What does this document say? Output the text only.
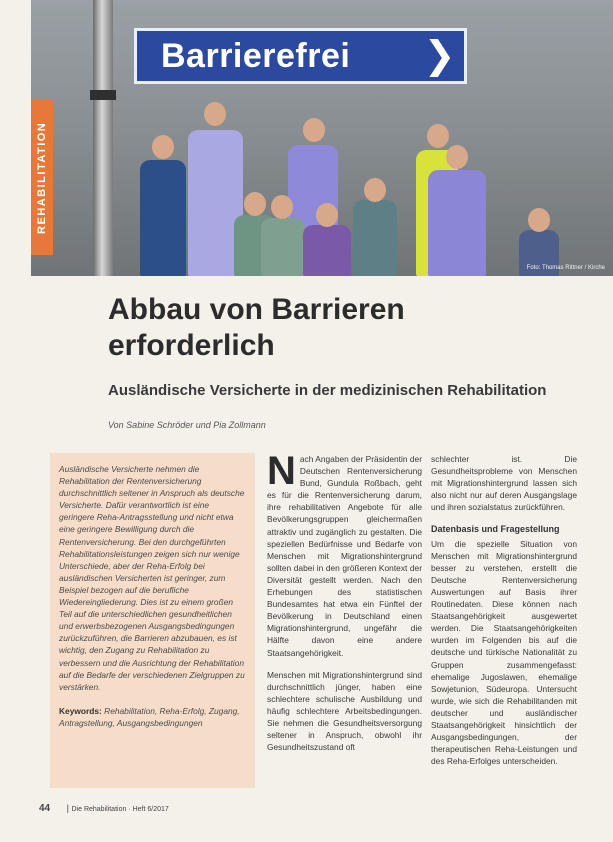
Barrierefrei ❯
Foto: Thomas Rittner / Kirche
REHABILITATION
Abbau von Barrieren erforderlich
Ausländische Versicherte in der medizinischen Rehabilitation
Von Sabine Schröder und Pia Zollmann

Ausländische Versicherte nehmen die Rehabilitation der Rentenversicherung durchschnittlich seltener in Anspruch als deutsche Versicherte. Dafür verantwortlich ist eine geringere Reha-Antragsstellung und nicht etwa eine geringere Bewilligung durch die Rentenversicherung. Bei den durchgeführten Rehabilitationsleistungen zeigen sich nur wenige Unterschiede, aber der Reha-Erfolg bei ausländischen Versicherten ist geringer, zum Beispiel bezogen auf die berufliche Wiedereingliederung. Dies ist zu einem großen Teil auf die unterschiedlichen gesundheitlichen und erwerbsbezogenen Ausgangsbedingungen zurückzuführen, die Barrieren abzubauen, es ist wichtig, den Zugang zu Rehabilitation zu verbessern und die Ausrichtung der Rehabilitation auf die Bedarfe der verschiedenen Zielgruppen zu verstärken.

Keywords: Rehabilitation, Reha-Erfolg, Zugang, Antragstellung, Ausgangsbedingungen

Nach Angaben der Präsidentin der Deutschen Rentenversicherung Bund, Gundula Roßbach, geht es für die Rentenversicherung darum, ihre rehabilitativen Angebote für alle Bevölkerungsgruppen gleichermaßen attraktiv und zugänglich zu gestalten. Die speziellen Bedürfnisse und Bedarfe von Menschen mit Migrationshintergrund sollten dabei in den größeren Kontext der Diversität gestellt werden. Nach den Erhebungen des statistischen Bundesamtes hat etwa ein Fünftel der Bevölkerung in Deutschland einen Migrationshintergrund, ungefähr die Hälfte davon eine andere Staatsangehörigkeit.

Menschen mit Migrationshintergrund sind durchschnittlich jünger, haben eine schlechtere schulische Ausbildung und häufig schlechtere Arbeitsbedingungen. Sie nehmen die Gesundheitsversorgung seltener in Anspruch, obwohl ihr Gesundheitszustand oft

schlechter ist. Die Gesundheitsprobleme von Menschen mit Migrationshintergrund lassen sich also nicht nur auf deren Ausgangslage und ihren sozialstatus zurückführen.

Datenbasis und Fragestellung

Um die spezielle Situation von Menschen mit Migrationshintergrund besser zu verstehen, erstellt die Deutsche Rentenversicherung Auswertungen auf Basis ihrer Routinedaten. Diese können nach Staatsangehörigkeit ausgewertet werden. Die Staatsangehörigkeiten wurden im Folgenden bis auf die deutsche und türkische Nationalität zu Gruppen zusammengefasst: ehemalige Jugoslawen, ehemalige Sowjetunion, Südeuropa. Untersucht wurde, wie sich die Rehabilitanden mit deutscher und ausländischer Staatsangehörigkeit hinsichtlich der Ausgangsbedingungen, der therapeutischen Reha-Leistungen und des Reha-Erfolges unterscheiden.

44 | Die Rehabilitation · Heft 6/2017
